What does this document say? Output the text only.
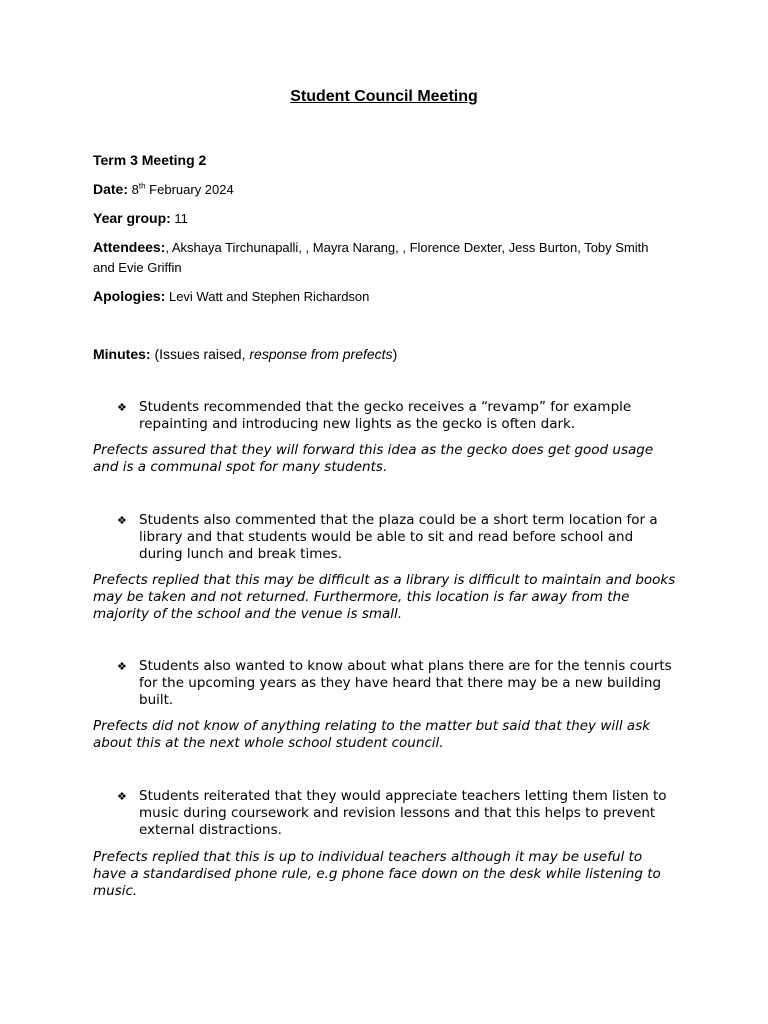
Student Council Meeting
Term 3 Meeting 2
Date: 8th February 2024
Year group: 11
Attendees:, Akshaya Tirchunapalli, , Mayra Narang, , Florence Dexter, Jess Burton, Toby Smith and Evie Griffin
Apologies: Levi Watt and Stephen Richardson
Minutes: (Issues raised, response from prefects)
❖ Students recommended that the gecko receives a “revamp” for example repainting and introducing new lights as the gecko is often dark.
Prefects assured that they will forward this idea as the gecko does get good usage and is a communal spot for many students.
❖ Students also commented that the plaza could be a short term location for a library and that students would be able to sit and read before school and during lunch and break times.
Prefects replied that this may be difficult as a library is difficult to maintain and books may be taken and not returned. Furthermore, this location is far away from the majority of the school and the venue is small.
❖ Students also wanted to know about what plans there are for the tennis courts for the upcoming years as they have heard that there may be a new building built.
Prefects did not know of anything relating to the matter but said that they will ask about this at the next whole school student council.
❖ Students reiterated that they would appreciate teachers letting them listen to music during coursework and revision lessons and that this helps to prevent external distractions.
Prefects replied that this is up to individual teachers although it may be useful to have a standardised phone rule, e.g phone face down on the desk while listening to music.
